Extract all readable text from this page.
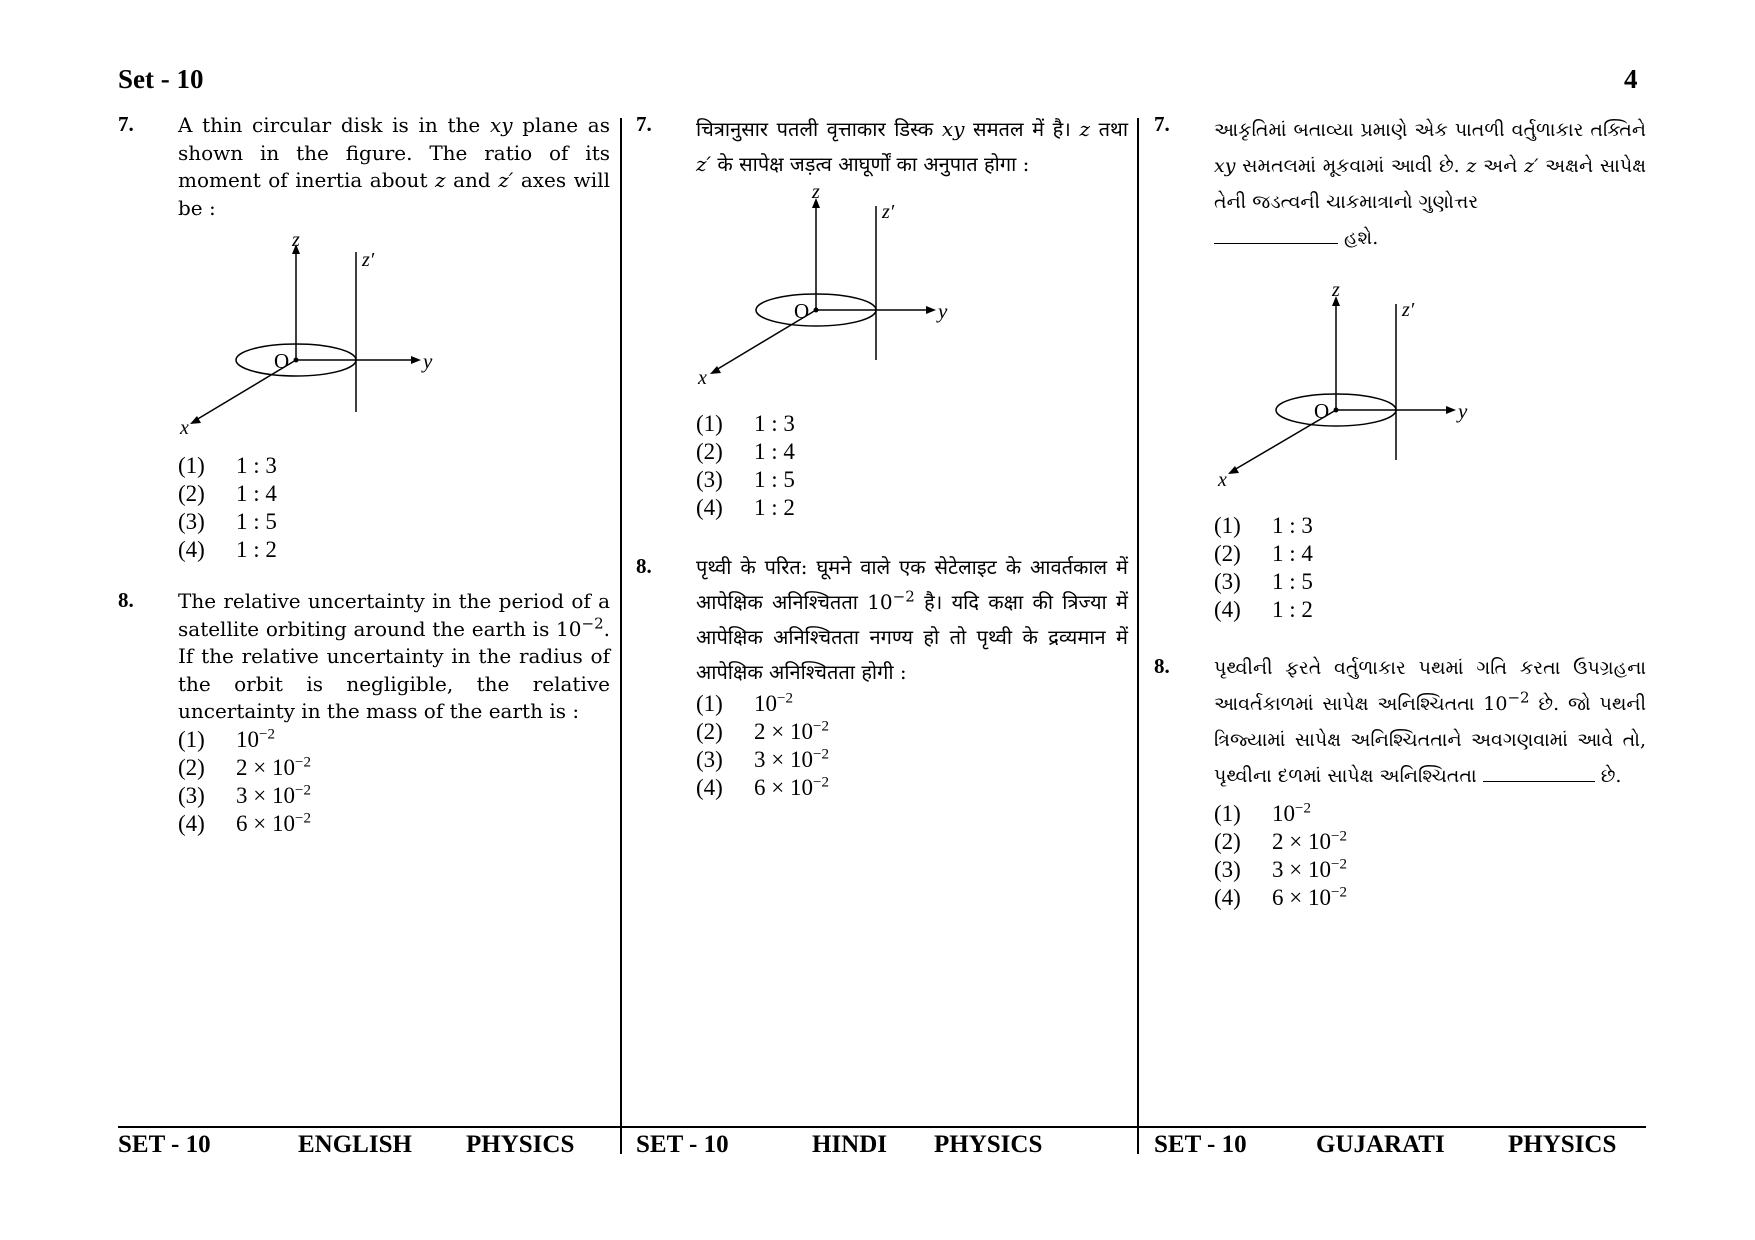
Set - 10	4
7. A thin circular disk is in the xy plane as shown in the figure. The ratio of its moment of inertia about z and z′ axes will be :
z
z′
O	y
x
(1)	1 : 3
(2)	1 : 4
(3)	1 : 5
(4)	1 : 2
8. The relative uncertainty in the period of a satellite orbiting around the earth is $10^{-2}$. If the relative uncertainty in the radius of the orbit is negligible, the relative uncertainty in the mass of the earth is :
(1)	$10^{-2}$
(2)	$2 \times 10^{-2}$
(3)	$3 \times 10^{-2}$
(4)	$6 \times 10^{-2}$
7. चित्रानुसार पतली वृत्ताकार डिस्क xy समतल में है। z तथा z′ के सापेक्ष जड़त्व आघूर्णों का अनुपात होगा :
z
z′
O	y
x
(1)	1 : 3
(2)	1 : 4
(3)	1 : 5
(4)	1 : 2
8. पृथ्वी के परित: घूमने वाले एक सेटेलाइट के आवर्तकाल में आपेक्षिक अनिश्चितता $10^{-2}$ है। यदि कक्षा की त्रिज्या में आपेक्षिक अनिश्चितता नगण्य हो तो पृथ्वी के द्रव्यमान में आपेक्षिक अनिश्चितता होगी :
(1)	$10^{-2}$
(2)	$2 \times 10^{-2}$
(3)	$3 \times 10^{-2}$
(4)	$6 \times 10^{-2}$
7. આકૃતિમાં બતાવ્યા પ્રમાણે એક પાતળી વર્તુળાકાર તક્તિને xy સમતલમાં મૂકવામાં આવી છે. z અને z′ અક્ષને સાપેક્ષ તેની જડત્વની ચાકમાત્રાનો ગુણોત્તર
હશે.
z
z′
O	y
x
(1)	1 : 3
(2)	1 : 4
(3)	1 : 5
(4)	1 : 2
8. પૃથ્વીની ફરતે વર્તુળાકાર પથમાં ગતિ કરતા ઉપગ્રહના આવર્તકાળમાં સાપેક્ષ અનિશ્ચિતતા $10^{-2}$ છે. જો પથની ત્રિજ્યામાં સાપેક્ષ અનિશ્ચિતતાને અવગણવામાં આવે તો, પૃથ્વીના દળમાં સાપેક્ષ અનિશ્ચિતતા	છે.
(1)	$10^{-2}$
(2)	$2 \times 10^{-2}$
(3)	$3 \times 10^{-2}$
(4)	$6 \times 10^{-2}$
SET - 10	ENGLISH PHYSICS SET - 10	HINDI PHYSICS	SET - 10	GUJARATI	PHYSICS
